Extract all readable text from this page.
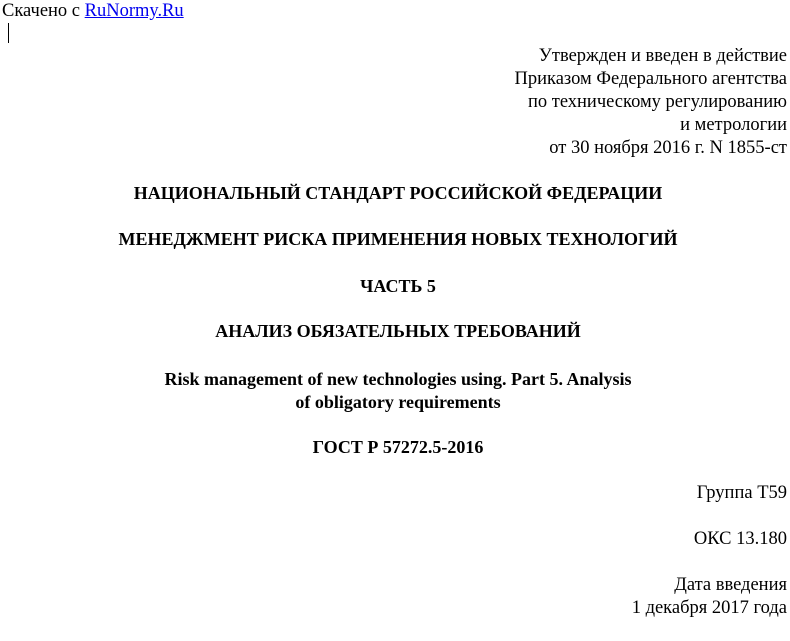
Скачено с RuNormy.Ru

Утвержден и введен в действие

Приказом Федерального агентства

по техническому регулированию

и метрологии

от 30 ноября 2016 г. N 1855-ст

НАЦИОНАЛЬНЫЙ СТАНДАРТ РОССИЙСКОЙ ФЕДЕРАЦИИ

МЕНЕДЖМЕНТ РИСКА ПРИМЕНЕНИЯ НОВЫХ ТЕХНОЛОГИЙ

ЧАСТЬ 5

АНАЛИЗ ОБЯЗАТЕЛЬНЫХ ТРЕБОВАНИЙ

Risk management of new technologies using. Part 5. Analysis

of obligatory requirements

ГОСТ Р 57272.5-2016

Группа Т59

ОКС 13.180

Дата введения

1 декабря 2017 года
